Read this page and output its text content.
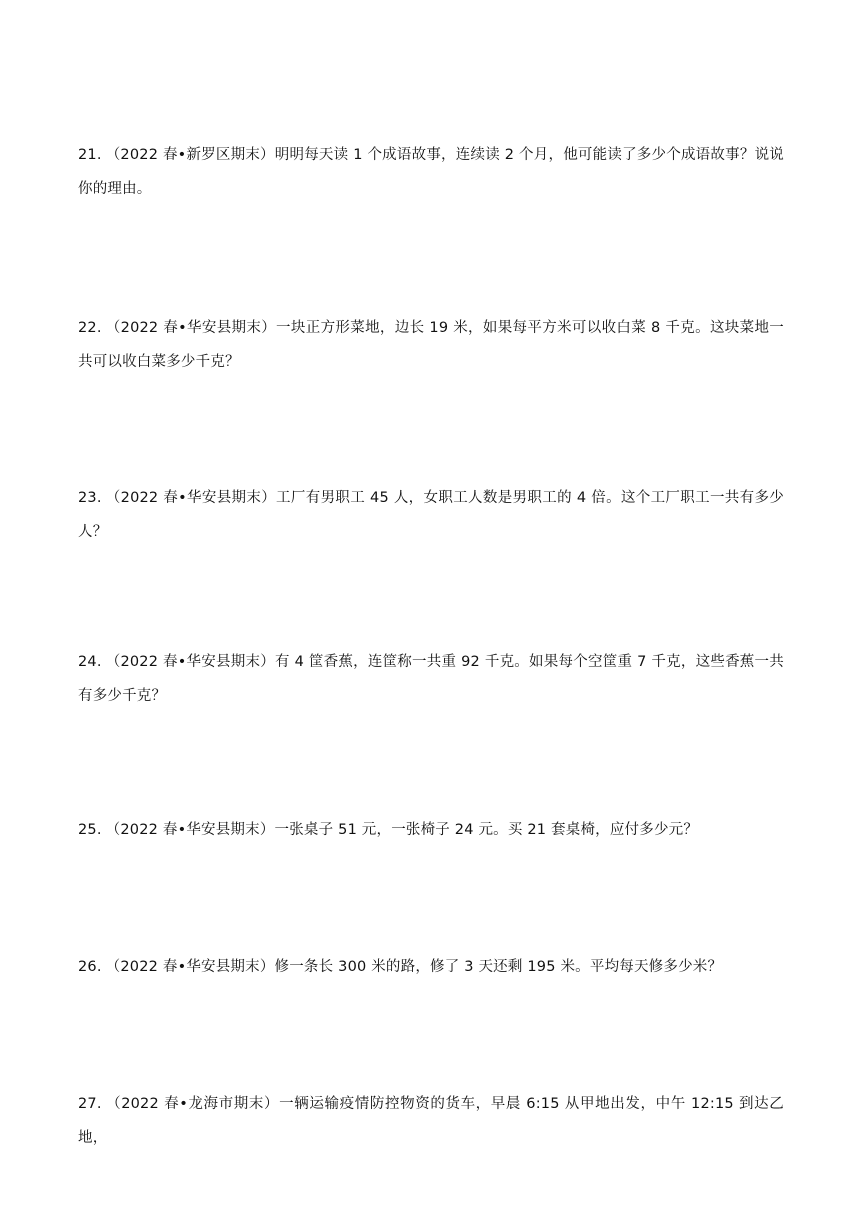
21. （2022 春•新罗区期末）明明每天读 1 个成语故事，连续读 2 个月，他可能读了多少个成语故事？说说你的理由。
22. （2022 春•华安县期末）一块正方形菜地，边长 19 米，如果每平方米可以收白菜 8 千克。这块菜地一共可以收白菜多少千克？
23. （2022 春•华安县期末）工厂有男职工 45 人，女职工人数是男职工的 4 倍。这个工厂职工一共有多少人？
24. （2022 春•华安县期末）有 4 筐香蕉，连筐称一共重 92 千克。如果每个空筐重 7 千克，这些香蕉一共有多少千克？
25. （2022 春•华安县期末）一张桌子 51 元，一张椅子 24 元。买 21 套桌椅，应付多少元？
26. （2022 春•华安县期末）修一条长 300 米的路，修了 3 天还剩 195 米。平均每天修多少米？
27. （2022 春•龙海市期末）一辆运输疫情防控物资的货车，早晨 6:15 从甲地出发，中午 12:15 到达乙地，
